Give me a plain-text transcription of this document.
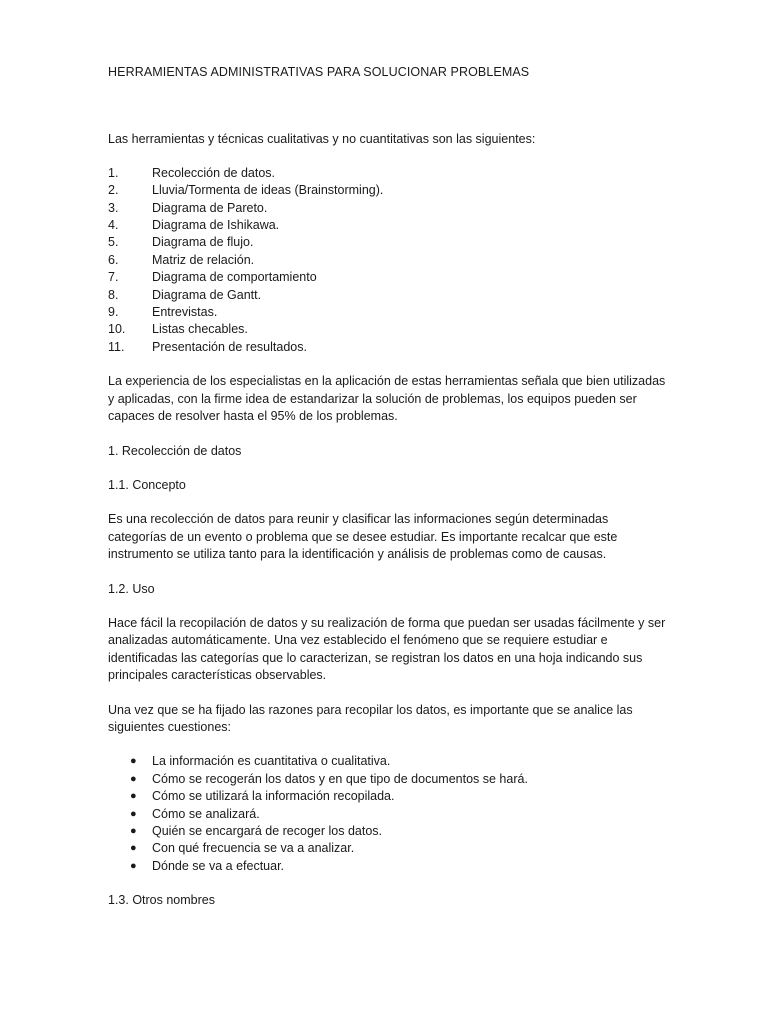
HERRAMIENTAS ADMINISTRATIVAS PARA SOLUCIONAR PROBLEMAS

Las herramientas y técnicas cualitativas y no cuantitativas son las siguientes:

1.	Recolección de datos.
2.	Lluvia/Tormenta de ideas (Brainstorming).
3.	Diagrama de Pareto.
4.	Diagrama de Ishikawa.
5.	Diagrama de flujo.
6.	Matriz de relación.
7.	Diagrama de comportamiento
8.	Diagrama de Gantt.
9.	Entrevistas.
10.	Listas checables.
11.	Presentación de resultados.

La experiencia de los especialistas en la aplicación de estas herramientas señala que bien utilizadas y aplicadas, con la firme idea de estandarizar la solución de problemas, los equipos pueden ser capaces de resolver hasta el 95% de los problemas.

1. Recolección de datos
1.1. Concepto

Es una recolección de datos para reunir y clasificar las informaciones según determinadas categorías de un evento o problema que se desee estudiar. Es importante recalcar que este instrumento se utiliza tanto para la identificación y análisis de problemas como de causas.

1.2. Uso

Hace fácil la recopilación de datos y su realización de forma que puedan ser usadas fácilmente y ser analizadas automáticamente. Una vez establecido el fenómeno que se requiere estudiar e identificadas las categorías que lo caracterizan, se registran los datos en una hoja indicando sus principales características observables.

Una vez que se ha fijado las razones para recopilar los datos, es importante que se analice las siguientes cuestiones:

●	La información es cuantitativa o cualitativa.
●	Cómo se recogerán los datos y en que tipo de documentos se hará.
●	Cómo se utilizará la información recopilada.
●	Cómo se analizará.
●	Quién se encargará de recoger los datos.
●	Con qué frecuencia se va a analizar.
●	Dónde se va a efectuar.
1.3. Otros nombres
